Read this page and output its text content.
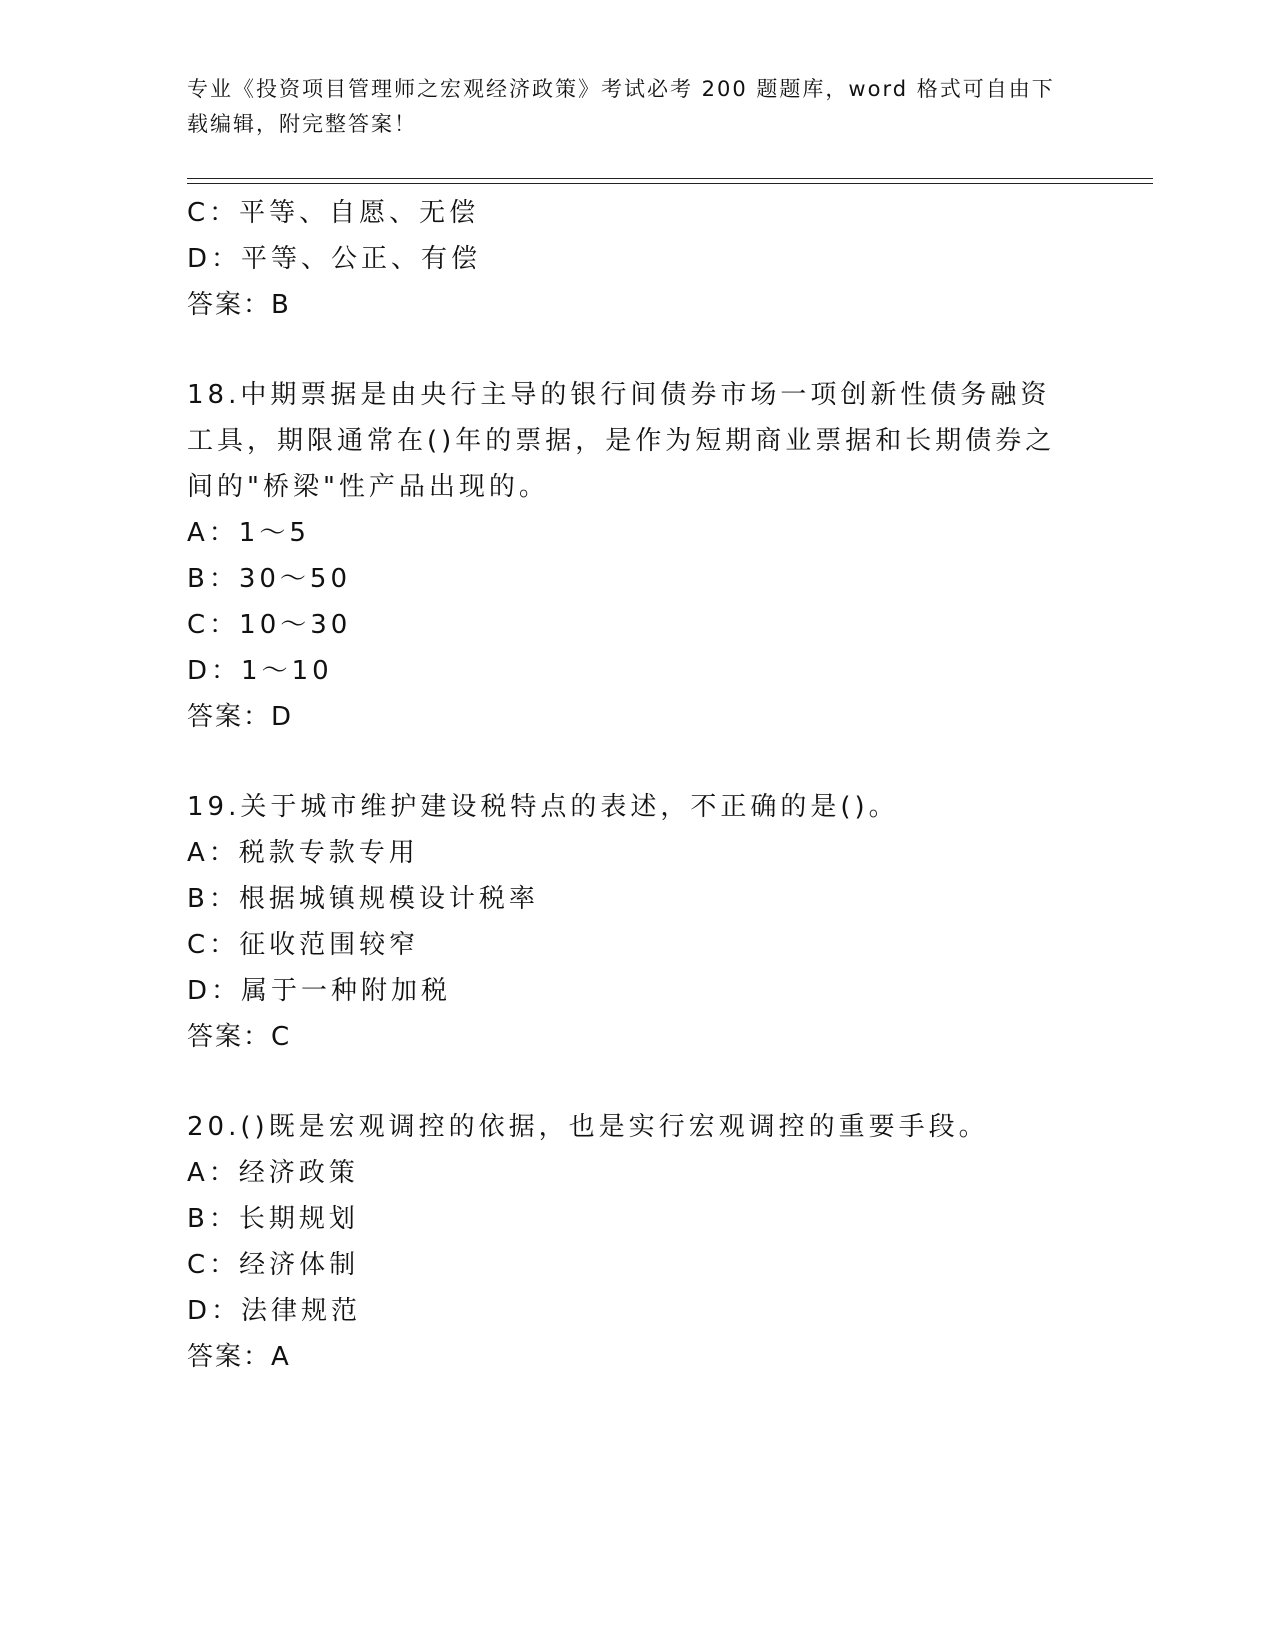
专业《投资项目管理师之宏观经济政策》考试必考 200 题题库，word 格式可自由下载编辑，附完整答案！
C：平等、自愿、无偿
D：平等、公正、有偿
答案：B
18.中期票据是由央行主导的银行间债券市场一项创新性债务融资工具，期限通常在()年的票据，是作为短期商业票据和长期债券之间的"桥梁"性产品出现的。
A：1～5
B：30～50
C：10～30
D：1～10
答案：D
19.关于城市维护建设税特点的表述，不正确的是()。
A：税款专款专用
B：根据城镇规模设计税率
C：征收范围较窄
D：属于一种附加税
答案：C
20.()既是宏观调控的依据，也是实行宏观调控的重要手段。
A：经济政策
B：长期规划
C：经济体制
D：法律规范
答案：A
